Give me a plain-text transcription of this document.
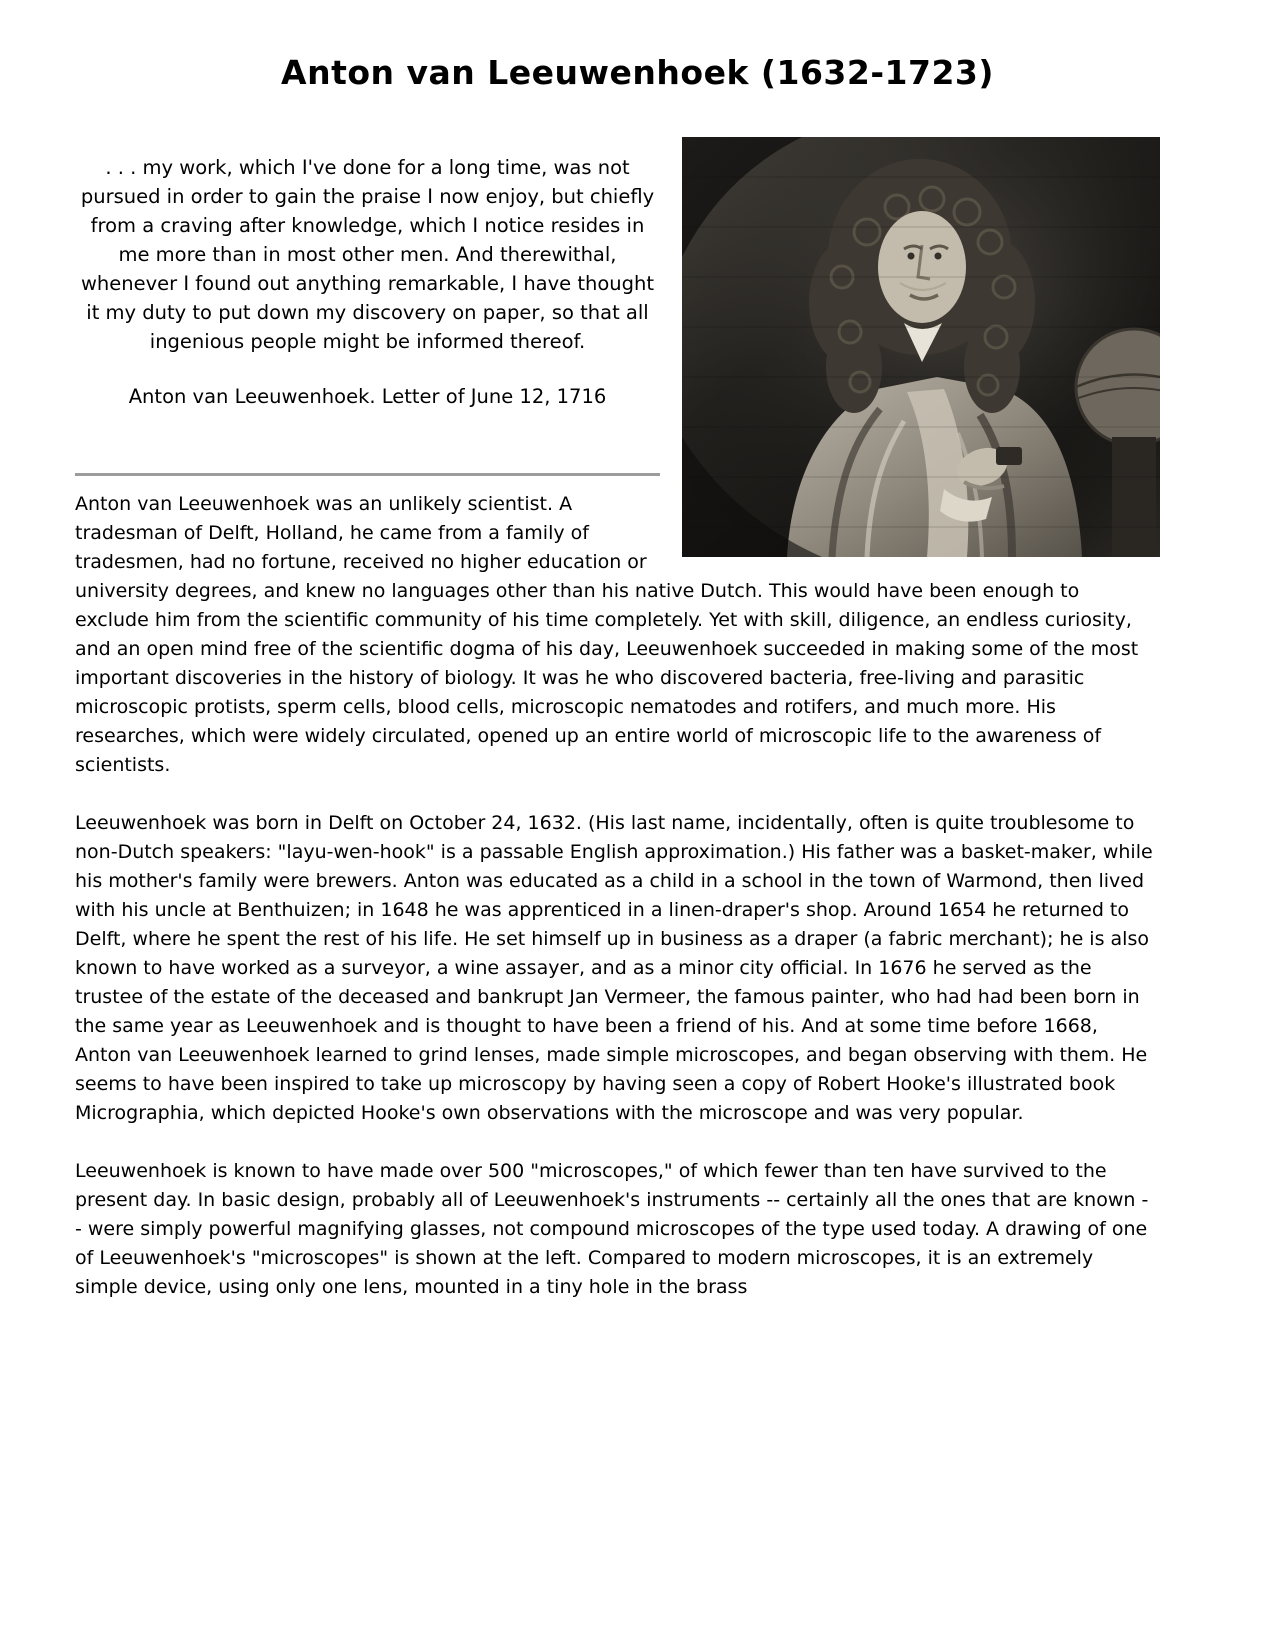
Anton van Leeuwenhoek (1632-1723)
. . . my work, which I've done for a long time, was not pursued in order to gain the praise I now enjoy, but chiefly from a craving after knowledge, which I notice resides in me more than in most other men. And therewithal, whenever I found out anything remarkable, I have thought it my duty to put down my discovery on paper, so that all ingenious people might be informed thereof.
Anton van Leeuwenhoek. Letter of June 12, 1716

Anton van Leeuwenhoek was an unlikely scientist. A tradesman of Delft, Holland, he came from a family of tradesmen, had no fortune, received no higher education or university degrees, and knew no languages other than his native Dutch. This would have been enough to exclude him from the scientific community of his time completely. Yet with skill, diligence, an endless curiosity, and an open mind free of the scientific dogma of his day, Leeuwenhoek succeeded in making some of the most important discoveries in the history of biology. It was he who discovered bacteria, free-living and parasitic microscopic protists, sperm cells, blood cells, microscopic nematodes and rotifers, and much more. His researches, which were widely circulated, opened up an entire world of microscopic life to the awareness of scientists.

Leeuwenhoek was born in Delft on October 24, 1632. (His last name, incidentally, often is quite troublesome to non-Dutch speakers: "layu-wen-hook" is a passable English approximation.) His father was a basket-maker, while his mother's family were brewers. Anton was educated as a child in a school in the town of Warmond, then lived with his uncle at Benthuizen; in 1648 he was apprenticed in a linen-draper's shop. Around 1654 he returned to Delft, where he spent the rest of his life. He set himself up in business as a draper (a fabric merchant); he is also known to have worked as a surveyor, a wine assayer, and as a minor city official. In 1676 he served as the trustee of the estate of the deceased and bankrupt Jan Vermeer, the famous painter, who had had been born in the same year as Leeuwenhoek and is thought to have been a friend of his. And at some time before 1668, Anton van Leeuwenhoek learned to grind lenses, made simple microscopes, and began observing with them. He seems to have been inspired to take up microscopy by having seen a copy of Robert Hooke's illustrated book Micrographia, which depicted Hooke's own observations with the microscope and was very popular.

Leeuwenhoek is known to have made over 500 "microscopes," of which fewer than ten have survived to the present day. In basic design, probably all of Leeuwenhoek's instruments -- certainly all the ones that are known -- were simply powerful magnifying glasses, not compound microscopes of the type used today. A drawing of one of Leeuwenhoek's "microscopes" is shown at the left. Compared to modern microscopes, it is an extremely simple device, using only one lens, mounted in a tiny hole in the brass
